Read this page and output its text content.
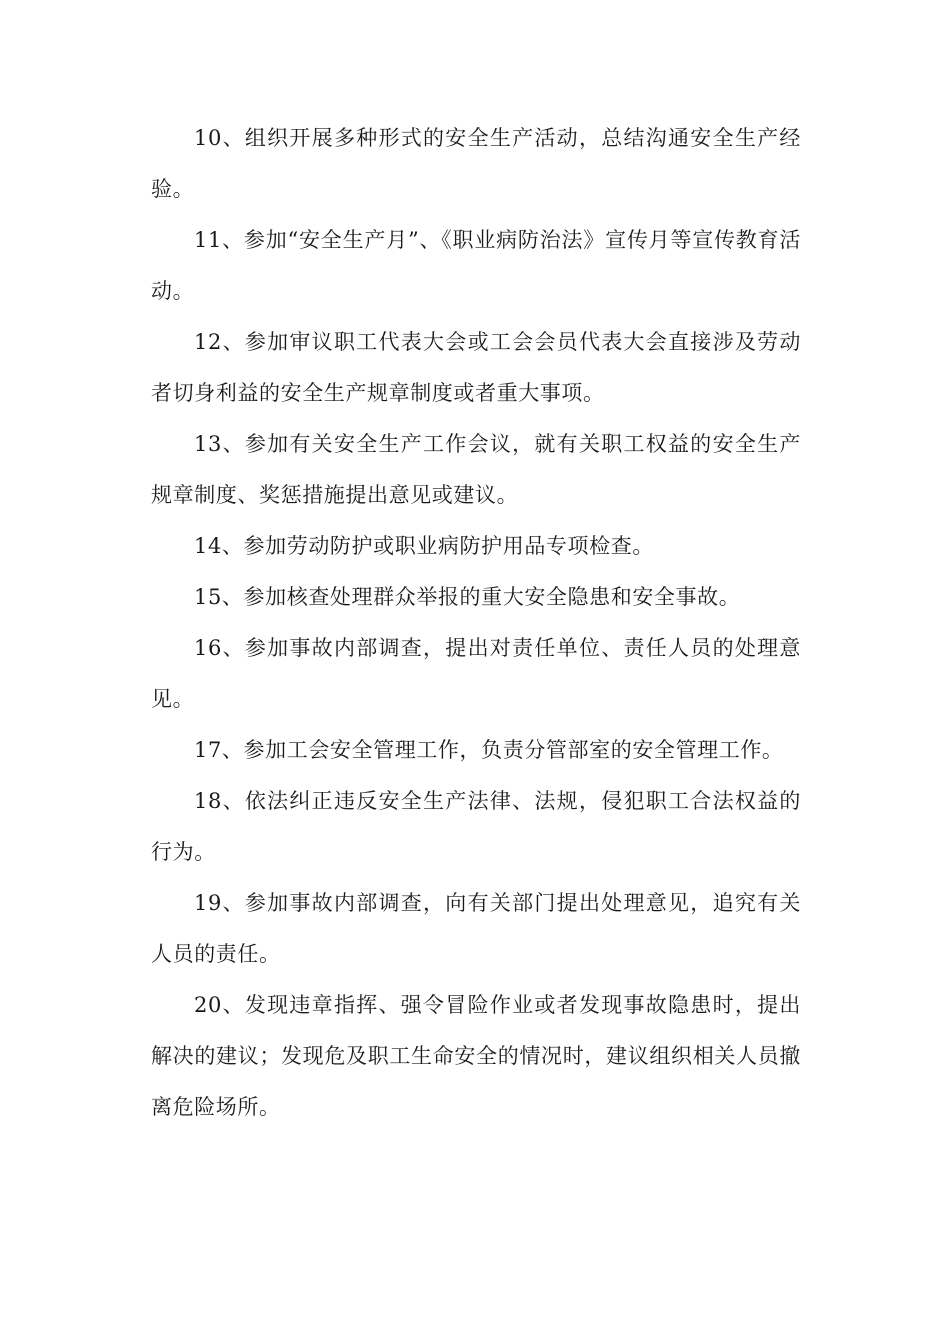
10、组织开展多种形式的安全生产活动，总结沟通安全生产经验。

11、参加“安全生产月”、《职业病防治法》宣传月等宣传教育活动。

12、参加审议职工代表大会或工会会员代表大会直接涉及劳动者切身利益的安全生产规章制度或者重大事项。

13、参加有关安全生产工作会议，就有关职工权益的安全生产规章制度、奖惩措施提出意见或建议。

14、参加劳动防护或职业病防护用品专项检查。

15、参加核查处理群众举报的重大安全隐患和安全事故。

16、参加事故内部调查，提出对责任单位、责任人员的处理意见。

17、参加工会安全管理工作，负责分管部室的安全管理工作。

18、依法纠正违反安全生产法律、法规，侵犯职工合法权益的行为。

19、参加事故内部调查，向有关部门提出处理意见，追究有关人员的责任。

20、发现违章指挥、强令冒险作业或者发现事故隐患时，提出解决的建议；发现危及职工生命安全的情况时，建议组织相关人员撤离危险场所。
